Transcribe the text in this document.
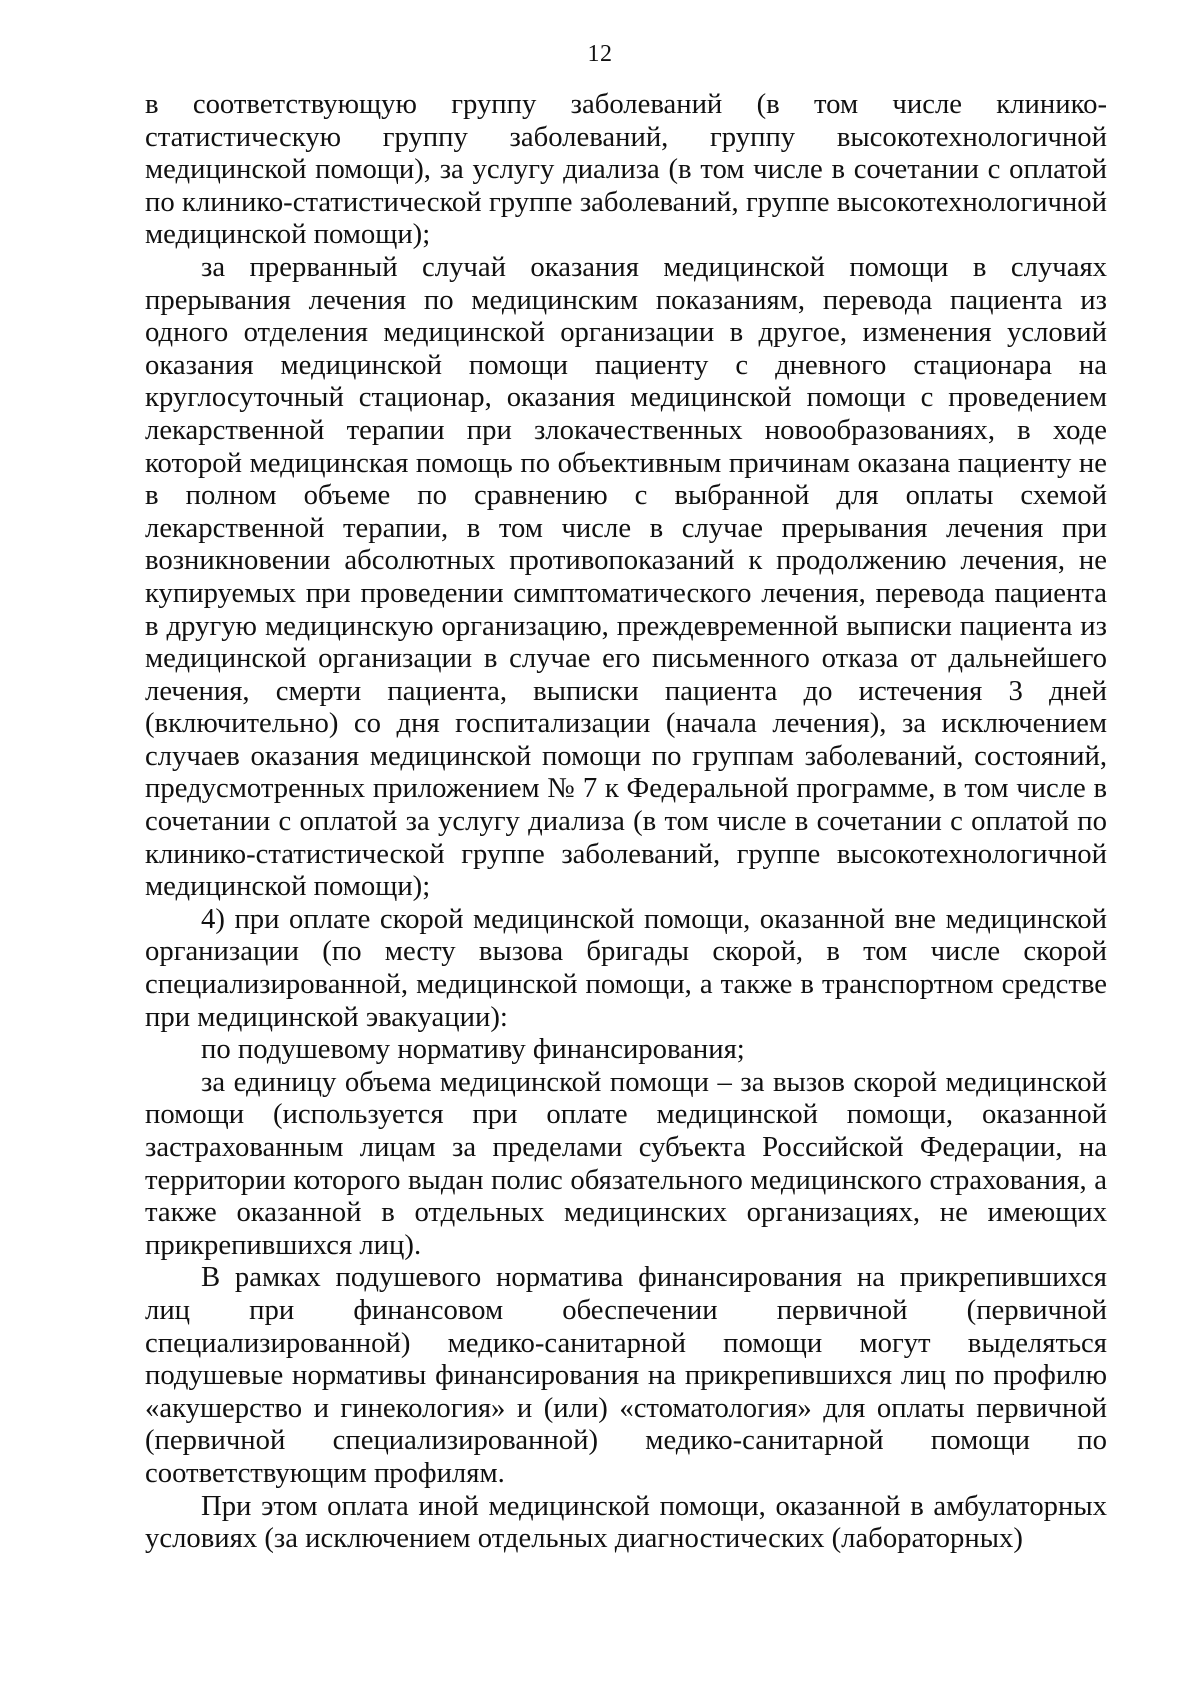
12

в соответствующую группу заболеваний (в том числе клинико-статистическую группу заболеваний, группу высокотехнологичной медицинской помощи), за услугу диализа (в том числе в сочетании с оплатой по клинико-статистической группе заболеваний, группе высокотехнологичной медицинской помощи);

за прерванный случай оказания медицинской помощи в случаях прерывания лечения по медицинским показаниям, перевода пациента из одного отделения медицинской организации в другое, изменения условий оказания медицинской помощи пациенту с дневного стационара на круглосуточный стационар, оказания медицинской помощи с проведением лекарственной терапии при злокачественных новообразованиях, в ходе которой медицинская помощь по объективным причинам оказана пациенту не в полном объеме по сравнению с выбранной для оплаты схемой лекарственной терапии, в том числе в случае прерывания лечения при возникновении абсолютных противопоказаний к продолжению лечения, не купируемых при проведении симптоматического лечения, перевода пациента в другую медицинскую организацию, преждевременной выписки пациента из медицинской организации в случае его письменного отказа от дальнейшего лечения, смерти пациента, выписки пациента до истечения 3 дней (включительно) со дня госпитализации (начала лечения), за исключением случаев оказания медицинской помощи по группам заболеваний, состояний, предусмотренных приложением № 7 к Федеральной программе, в том числе в сочетании с оплатой за услугу диализа (в том числе в сочетании с оплатой по клинико-статистической группе заболеваний, группе высокотехнологичной медицинской помощи);

4) при оплате скорой медицинской помощи, оказанной вне медицинской организации (по месту вызова бригады скорой, в том числе скорой специализированной, медицинской помощи, а также в транспортном средстве при медицинской эвакуации):

по подушевому нормативу финансирования;

за единицу объема медицинской помощи – за вызов скорой медицинской помощи (используется при оплате медицинской помощи, оказанной застрахованным лицам за пределами субъекта Российской Федерации, на территории которого выдан полис обязательного медицинского страхования, а также оказанной в отдельных медицинских организациях, не имеющих прикрепившихся лиц).

В рамках подушевого норматива финансирования на прикрепившихся лиц при финансовом обеспечении первичной (первичной специализированной) медико-санитарной помощи могут выделяться подушевые нормативы финансирования на прикрепившихся лиц по профилю «акушерство и гинекология» и (или) «стоматология» для оплаты первичной (первичной специализированной) медико-санитарной помощи по соответствующим профилям.

При этом оплата иной медицинской помощи, оказанной в амбулаторных условиях (за исключением отдельных диагностических (лабораторных)
